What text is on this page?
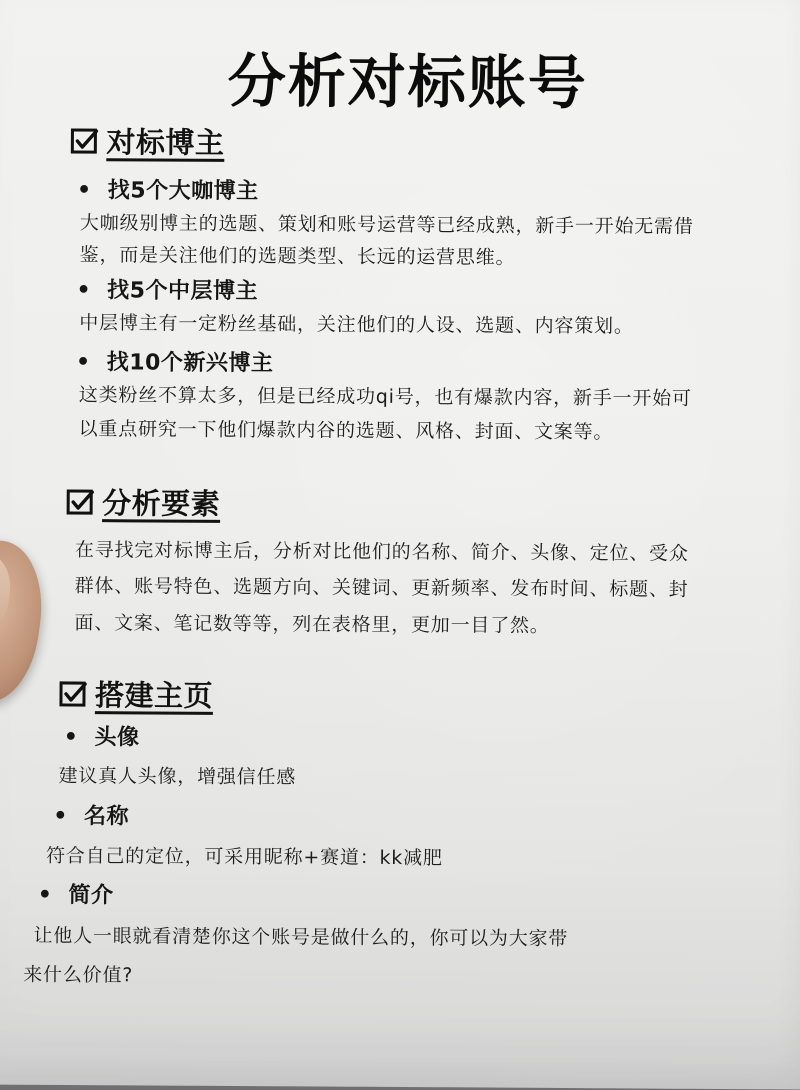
分析对标账号
对标博主
• 找5个大咖博主
大咖级别博主的选题、策划和账号运营等已经成熟，新手一开始无需借
鉴，而是关注他们的选题类型、长远的运营思维。
• 找5个中层博主
中层博主有一定粉丝基础，关注他们的人设、选题、内容策划。
• 找10个新兴博主
这类粉丝不算太多，但是已经成功qi号，也有爆款内容，新手一开始可
以重点研究一下他们爆款内谷的选题、风格、封面、文案等。
分析要素
在寻找完对标博主后，分析对比他们的名称、简介、头像、定位、受众
群体、账号特色、选题方向、关键词、更新频率、发布时间、标题、封
面、文案、笔记数等等，列在表格里，更加一目了然。
搭建主页
• 头像
建议真人头像，增强信任感
• 名称
符合自己的定位，可采用昵称+赛道：kk减肥
• 简介
让他人一眼就看清楚你这个账号是做什么的，你可以为大家带
来什么价值?
